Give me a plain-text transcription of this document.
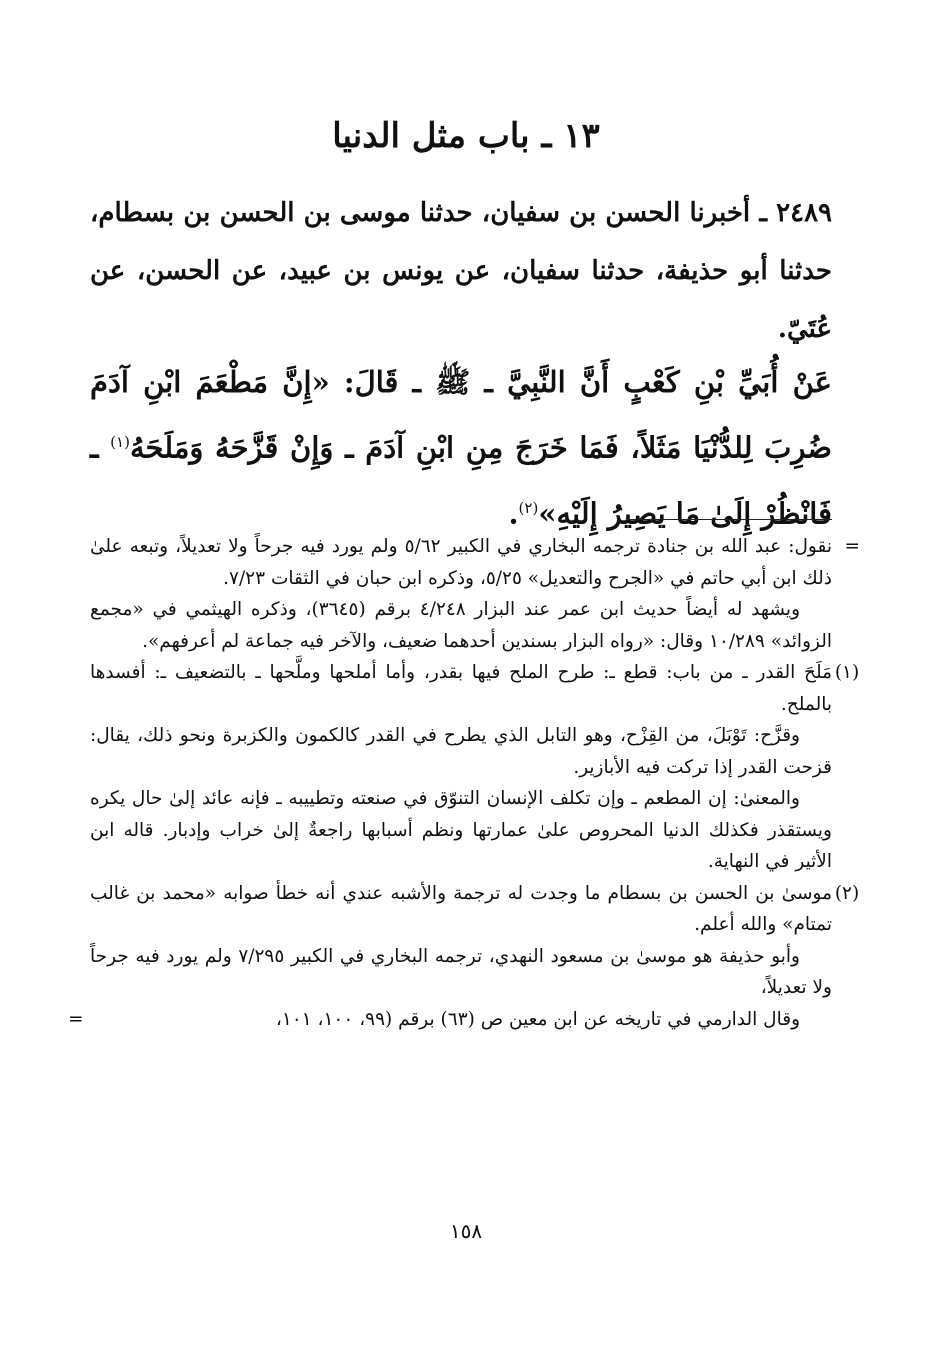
١٣ ـ باب مثل الدنيا
٢٤٨٩ ـ أخبرنا الحسن بن سفيان، حدثنا موسى بن الحسن بن بسطام، حدثنا أبو حذيفة، حدثنا سفيان، عن يونس بن عبيد، عن الحسن، عن عُتَيّ.
عَنْ أُبَيِّ بْنِ كَعْبٍ أَنَّ النَّبِيَّ ـ ﷺ ـ قَالَ: «إِنَّ مَطْعَمَ ابْنِ آدَمَ ضُرِبَ لِلدُّنْيَا مَثَلاً، فَمَا خَرَجَ مِنِ ابْنِ آدَمَ ـ وَإِنْ قَزَّحَهُ وَمَلَحَهُ$^{(١)}$ ـ فَانْظُرْ إِلَىٰ مَا يَصِيرُ إِلَيْهِ»$^{(٢)}$.

=
نقول: عبد الله بن جنادة ترجمه البخاري في الكبير ٥/٦٢ ولم يورد فيه جرحاً ولا تعديلاً، وتبعه علىٰ ذلك ابن أبي حاتم في «الجرح والتعديل» ٥/٢٥، وذكره ابن حبان في الثقات ٧/٢٣.

ويشهد له أيضاً حديث ابن عمر عند البزار ٤/٢٤٨ برقم (٣٦٤٥)، وذكره الهيثمي في «مجمع الزوائد» ١٠/٢٨٩ وقال: «رواه البزار بسندين أحدهما ضعيف، والآخر فيه جماعة لم أعرفهم».

(١)
مَلَحَ القدر ـ من باب: قطع ـ: طرح الملح فيها بقدر، وأما أملحها وملَّحها ـ بالتضعيف ـ: أفسدها بالملح.

وقزَّح: تَوْبَلَ، من القِزْح، وهو التابل الذي يطرح في القدر كالكمون والكزبرة ونحو ذلك، يقال: قزحت القدر إذا تركت فيه الأبازير.

والمعنىٰ: إن المطعم ـ وإن تكلف الإنسان التنوّق في صنعته وتطييبه ـ فإنه عائد إلىٰ حال يكره ويستقذر فكذلك الدنيا المحروص علىٰ عمارتها ونظم أسبابها راجعةٌ إلىٰ خراب وإدبار. قاله ابن الأثير في النهاية.

(٢)
موسىٰ بن الحسن بن بسطام ما وجدت له ترجمة والأشبه عندي أنه خطأ صوابه «محمد بن غالب تمتام» والله أعلم.

وأبو حذيفة هو موسىٰ بن مسعود النهدي، ترجمه البخاري في الكبير ٧/٢٩٥ ولم يورد فيه جرحاً ولا تعديلاً،

وقال الدارمي في تاريخه عن ابن معين ص (٦٣) برقم (٩٩، ١٠٠، ١٠١،
=

١٥٨
